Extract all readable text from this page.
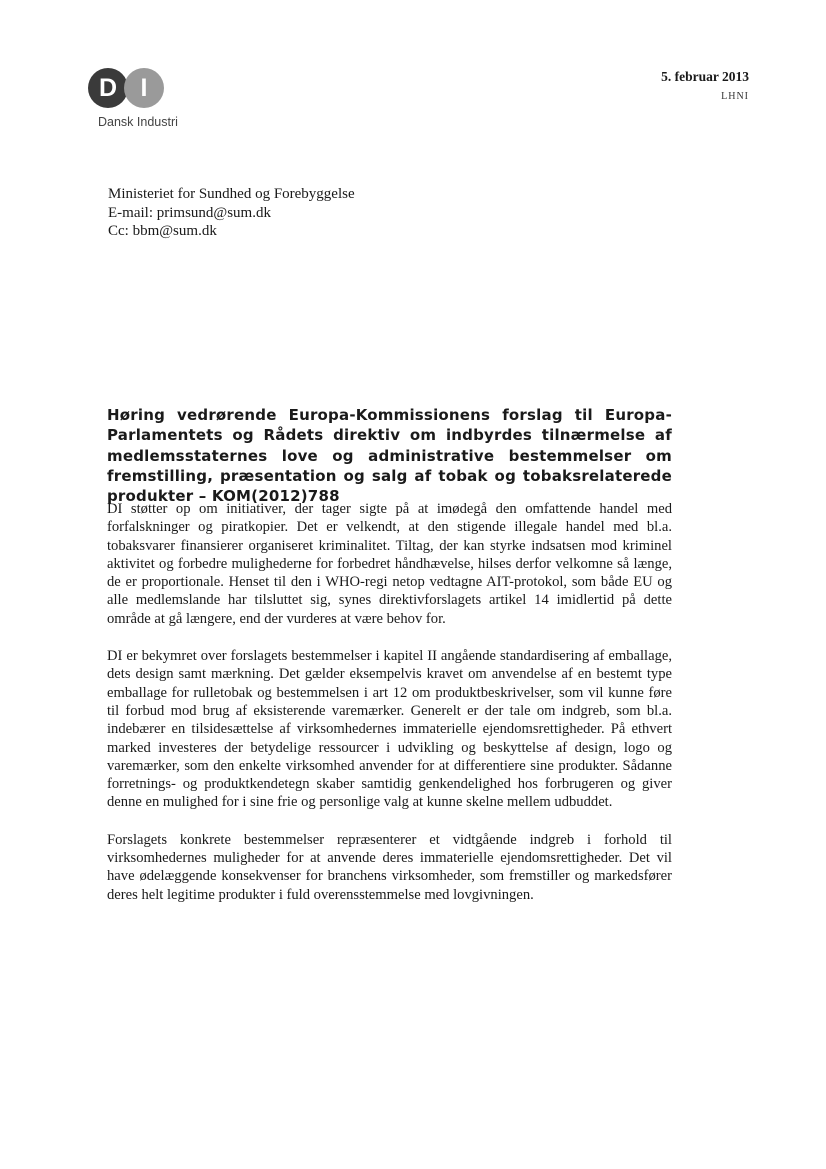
D I
Dansk Industri
5. februar 2013
LHNI
Ministeriet for Sundhed og Forebyggelse
E-mail: primsund@sum.dk
Cc: bbm@sum.dk
Høring vedrørende Europa-Kommissionens forslag til Europa-Parlamentets og Rådets direktiv om indbyrdes tilnærmelse af medlemsstaternes love og administrative bestemmelser om fremstilling, præsentation og salg af tobak og tobaksrelaterede produkter – KOM(2012)788

DI støtter op om initiativer, der tager sigte på at imødegå den omfattende handel med forfalskninger og piratkopier. Det er velkendt, at den stigende illegale handel med bl.a. tobaksvarer finansierer organiseret kriminalitet. Tiltag, der kan styrke indsatsen mod kriminel aktivitet og forbedre mulighederne for forbedret håndhævelse, hilses derfor velkomne så længe, de er proportionale. Henset til den i WHO-regi netop vedtagne AIT-protokol, som både EU og alle medlemslande har tilsluttet sig, synes direktivforslagets artikel 14 imidlertid på dette område at gå længere, end der vurderes at være behov for.

DI er bekymret over forslagets bestemmelser i kapitel II angående standardisering af emballage, dets design samt mærkning. Det gælder eksempelvis kravet om anvendelse af en bestemt type emballage for rulletobak og bestemmelsen i art 12 om produktbeskrivelser, som vil kunne føre til forbud mod brug af eksisterende varemærker. Generelt er der tale om indgreb, som bl.a. indebærer en tilsidesættelse af virksomhedernes immaterielle ejendomsrettigheder. På ethvert marked investeres der betydelige ressourcer i udvikling og beskyttelse af design, logo og varemærker, som den enkelte virksomhed anvender for at differentiere sine produkter. Sådanne forretnings- og produktkendetegn skaber samtidig genkendelighed hos forbrugeren og giver denne en mulighed for i sine frie og personlige valg at kunne skelne mellem udbuddet.

Forslagets konkrete bestemmelser repræsenterer et vidtgående indgreb i forhold til virksomhedernes muligheder for at anvende deres immaterielle ejendomsrettigheder. Det vil have ødelæggende konsekvenser for branchens virksomheder, som fremstiller og markedsfører deres helt legitime produkter i fuld overensstemmelse med lovgivningen.
